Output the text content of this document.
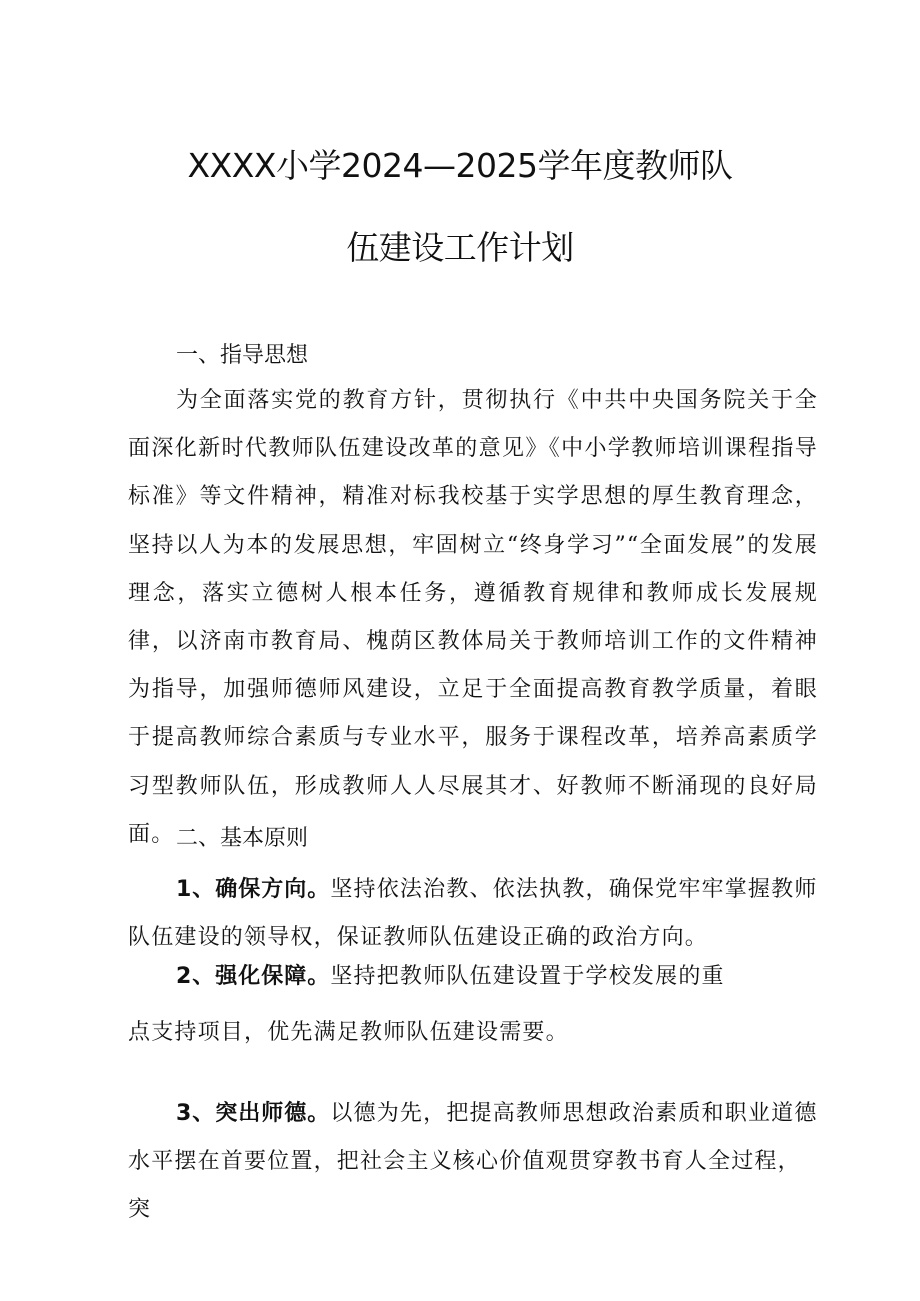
XXXX小学2024—2025学年度教师队
伍建设工作计划
一、指导思想

为全面落实党的教育方针，贯彻执行《中共中央国务院关于全面深化新时代教师队伍建设改革的意见》《中小学教师培训课程指导标准》等文件精神，精准对标我校基于实学思想的厚生教育理念，坚持以人为本的发展思想，牢固树立“终身学习”“全面发展”的发展理念，落实立德树人根本任务，遵循教育规律和教师成长发展规律，以济南市教育局、槐荫区教体局关于教师培训工作的文件精神为指导，加强师德师风建设，立足于全面提高教育教学质量，着眼于提高教师综合素质与专业水平，服务于课程改革，培养高素质学习型教师队伍，形成教师人人尽展其才、好教师不断涌现的良好局面。 二、基本原则

1、确保方向。坚持依法治教、依法执教，确保党牢牢掌握教师队伍建设的领导权，保证教师队伍建设正确的政治方向。

2、强化保障。坚持把教师队伍建设置于学校发展的重

点支持项目，优先满足教师队伍建设需要。

3、突出师德。以德为先，把提高教师思想政治素质和职业道德水平摆在首要位置，把社会主义核心价值观贯穿教书育人全过程，突
